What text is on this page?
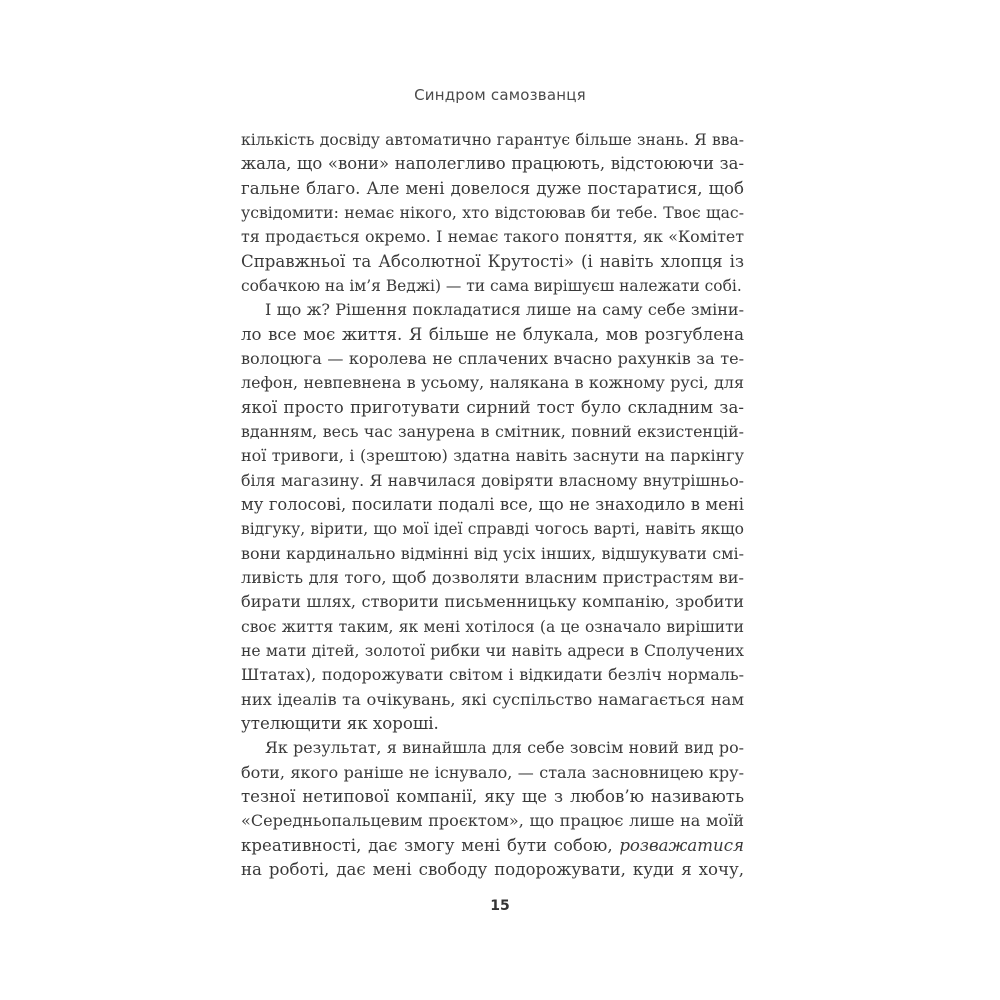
Синдром самозванця
кількість досвіду автоматично гарантує більше знань. Я вва-
жала, що «вони» наполегливо працюють, відстоюючи за-
гальне благо. Але мені довелося дуже постаратися, щоб
усвідомити: немає нікого, хто відстоював би тебе. Твоє щас-
тя продається окремо. І немає такого поняття, як «Комітет
Справжньої та Абсолютної Крутості» (і навіть хлопця із
собачкою на ім’я Веджі) — ти сама вирішуєш належати собі.
І що ж? Рішення покладатися лише на саму себе зміни-
ло все моє життя. Я більше не блукала, мов розгублена
волоцюга — королева не сплачених вчасно рахунків за те-
лефон, невпевнена в усьому, налякана в кожному русі, для
якої просто приготувати сирний тост було складним за-
вданням, весь час занурена в смітник, повний екзистенцій-
ної тривоги, і (зрештою) здатна навіть заснути на паркінгу
біля магазину. Я навчилася довіряти власному внутрішньо-
му голосові, посилати подалі все, що не знаходило в мені
відгуку, вірити, що мої ідеї справді чогось варті, навіть якщо
вони кардинально відмінні від усіх інших, відшукувати смі-
ливість для того, щоб дозволяти власним пристрастям ви-
бирати шлях, створити письменницьку компанію, зробити
своє життя таким, як мені хотілося (а це означало вирішити
не мати дітей, золотої рибки чи навіть адреси в Сполучених
Штатах), подорожувати світом і відкидати безліч нормаль-
них ідеалів та очікувань, які суспільство намагається нам
утелющити як хороші.
Як результат, я винайшла для себе зовсім новий вид ро-
боти, якого раніше не існувало, — стала засновницею кру-
тезної нетипової компанії, яку ще з любов’ю називають
«Середньопальцевим проєктом», що працює лише на моїй
креативності, дає змогу мені бути собою, розважатися
на роботі, дає мені свободу подорожувати, куди я хочу,
15
